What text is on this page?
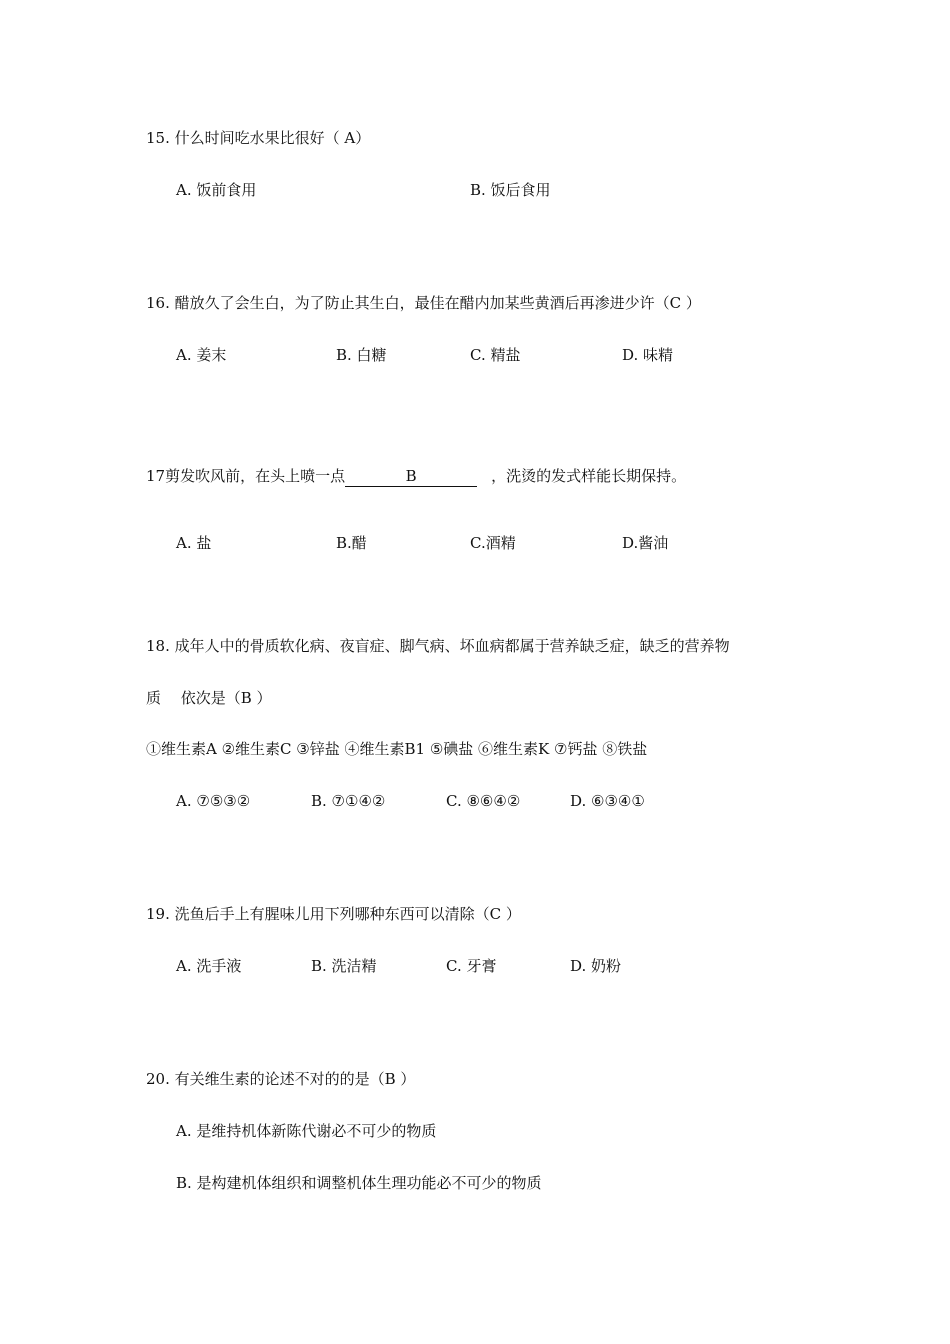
15. 什么时间吃水果比很好（ A）
A. 饭前食用	B. 饭后食用
16. 醋放久了会生白，为了防止其生白，最佳在醋内加某些黄酒后再渗进少许（C ）
A. 姜末	B. 白糖	C. 精盐	D. 味精
17剪发吹风前，在头上喷一点	B	，洗烫的发式样能长期保持。
A. 盐	B.醋	C.酒精	D.酱油
18. 成年人中的骨质软化病、夜盲症、脚气病、坏血病都属于营养缺乏症，缺乏的营养物
质　 依次是（B ）
①维生素A ②维生素C ③锌盐 ④维生素B1 ⑤碘盐 ⑥维生素K ⑦钙盐 ⑧铁盐
A. ⑦⑤③②	B. ⑦①④②	C. ⑧⑥④②	D. ⑥③④①
19. 洗鱼后手上有腥味儿用下列哪种东西可以清除（C ）
A. 洗手液	B. 洗洁精	C. 牙膏	D. 奶粉
20. 有关维生素的论述不对的的是（B ）
A. 是维持机体新陈代谢必不可少的物质
B. 是构建机体组织和调整机体生理功能必不可少的物质
